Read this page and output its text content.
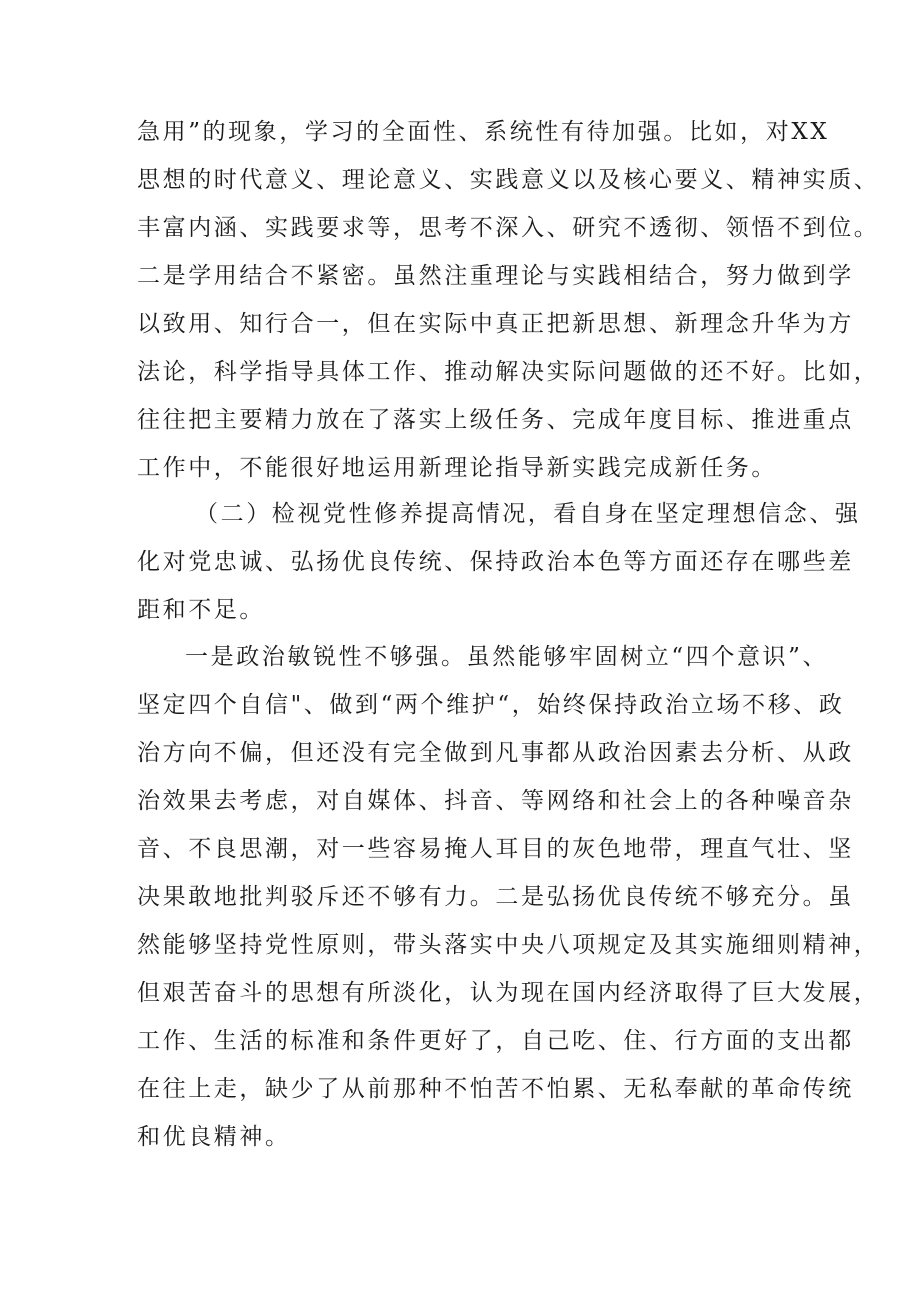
急用”的现象，学习的全面性、系统性有待加强。比如，对XX
思想的时代意义、理论意义、实践意义以及核心要义、精神实质、
丰富内涵、实践要求等，思考不深入、研究不透彻、领悟不到位。
二是学用结合不紧密。虽然注重理论与实践相结合，努力做到学
以致用、知行合一，但在实际中真正把新思想、新理念升华为方
法论，科学指导具体工作、推动解决实际问题做的还不好。比如，
往往把主要精力放在了落实上级任务、完成年度目标、推进重点
工作中，不能很好地运用新理论指导新实践完成新任务。
（二）检视党性修养提高情况，看自身在坚定理想信念、强
化对党忠诚、弘扬优良传统、保持政治本色等方面还存在哪些差
距和不足。
一是政治敏锐性不够强。虽然能够牢固树立“四个意识”、
坚定四个自信"、做到“两个维护“，始终保持政治立场不移、政
治方向不偏，但还没有完全做到凡事都从政治因素去分析、从政
治效果去考虑，对自媒体、抖音、等网络和社会上的各种噪音杂
音、不良思潮，对一些容易掩人耳目的灰色地带，理直气壮、坚
决果敢地批判驳斥还不够有力。二是弘扬优良传统不够充分。虽
然能够坚持党性原则，带头落实中央八项规定及其实施细则精神，
但艰苦奋斗的思想有所淡化，认为现在国内经济取得了巨大发展，
工作、生活的标准和条件更好了，自己吃、住、行方面的支出都
在往上走，缺少了从前那种不怕苦不怕累、无私奉献的革命传统
和优良精神。
